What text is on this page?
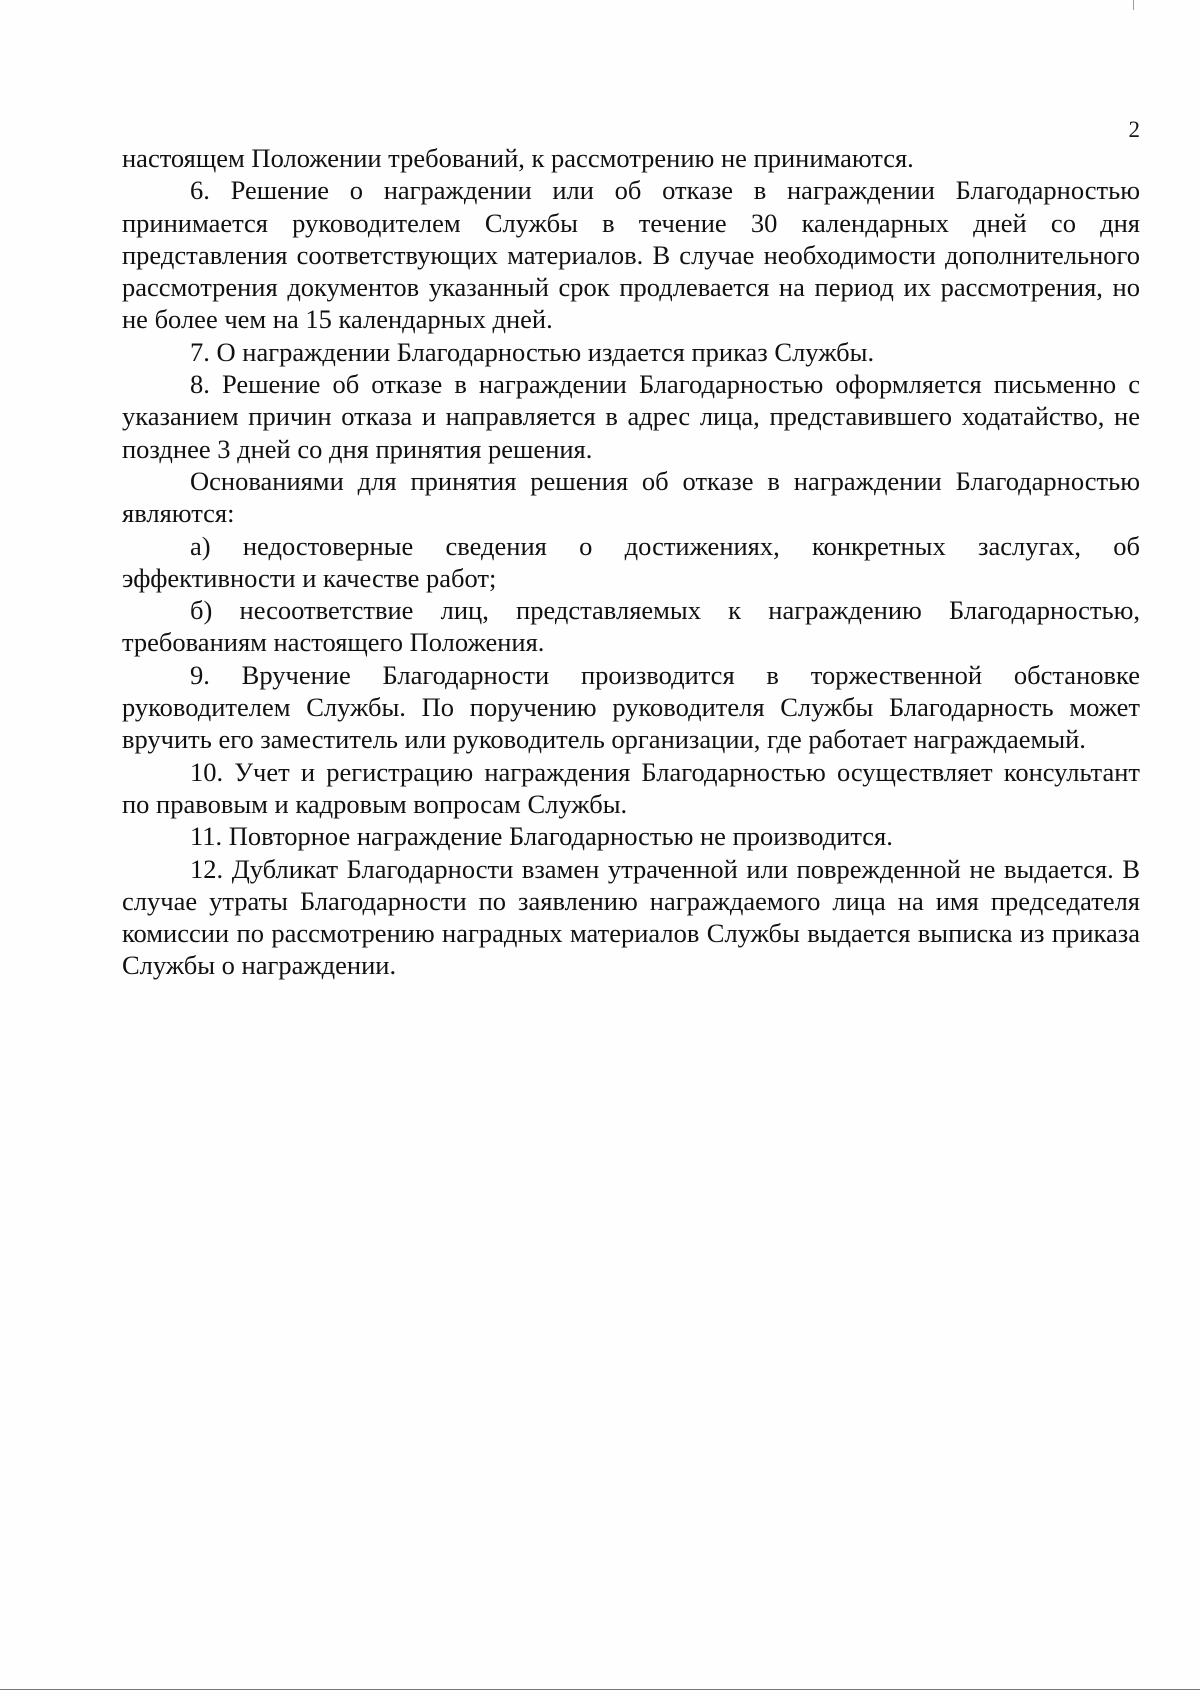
2

настоящем Положении требований, к рассмотрению не принимаются.

6. Решение о награждении или об отказе в награждении Благодарностью принимается руководителем Службы в течение 30 календарных дней со дня представления соответствующих материалов. В случае необходимости дополнительного рассмотрения документов указанный срок продлевается на период их рассмотрения, но не более чем на 15 календарных дней.

7. О награждении Благодарностью издается приказ Службы.

8. Решение об отказе в награждении Благодарностью оформляется письменно с указанием причин отказа и направляется в адрес лица, представившего ходатайство, не позднее 3 дней со дня принятия решения.

Основаниями для принятия решения об отказе в награждении Благодарностью являются:

а) недостоверные сведения о достижениях, конкретных заслугах, об эффективности и качестве работ;

б) несоответствие лиц, представляемых к награждению Благодарностью, требованиям настоящего Положения.

9. Вручение Благодарности производится в торжественной обстановке руководителем Службы. По поручению руководителя Службы Благодарность может вручить его заместитель или руководитель организации, где работает награждаемый.

10. Учет и регистрацию награждения Благодарностью осуществляет консультант по правовым и кадровым вопросам Службы.

11. Повторное награждение Благодарностью не производится.

12. Дубликат Благодарности взамен утраченной или поврежденной не выдается. В случае утраты Благодарности по заявлению награждаемого лица на имя председателя комиссии по рассмотрению наградных материалов Службы выдается выписка из приказа Службы о награждении.
